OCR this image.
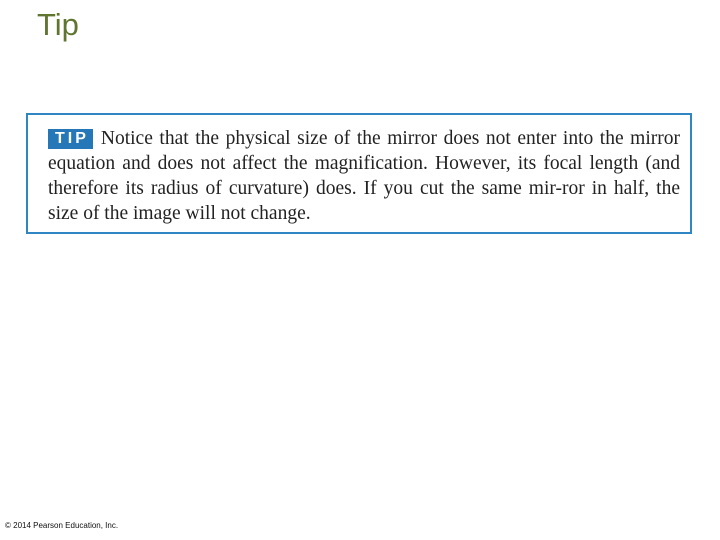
Tip

TIP Notice that the physical size of the mirror does not enter into the mirror equation and does not affect the magnification. However, its focal length (and therefore its radius of curvature) does. If you cut the same mir-ror in half, the size of the image will not change.

© 2014 Pearson Education, Inc.
